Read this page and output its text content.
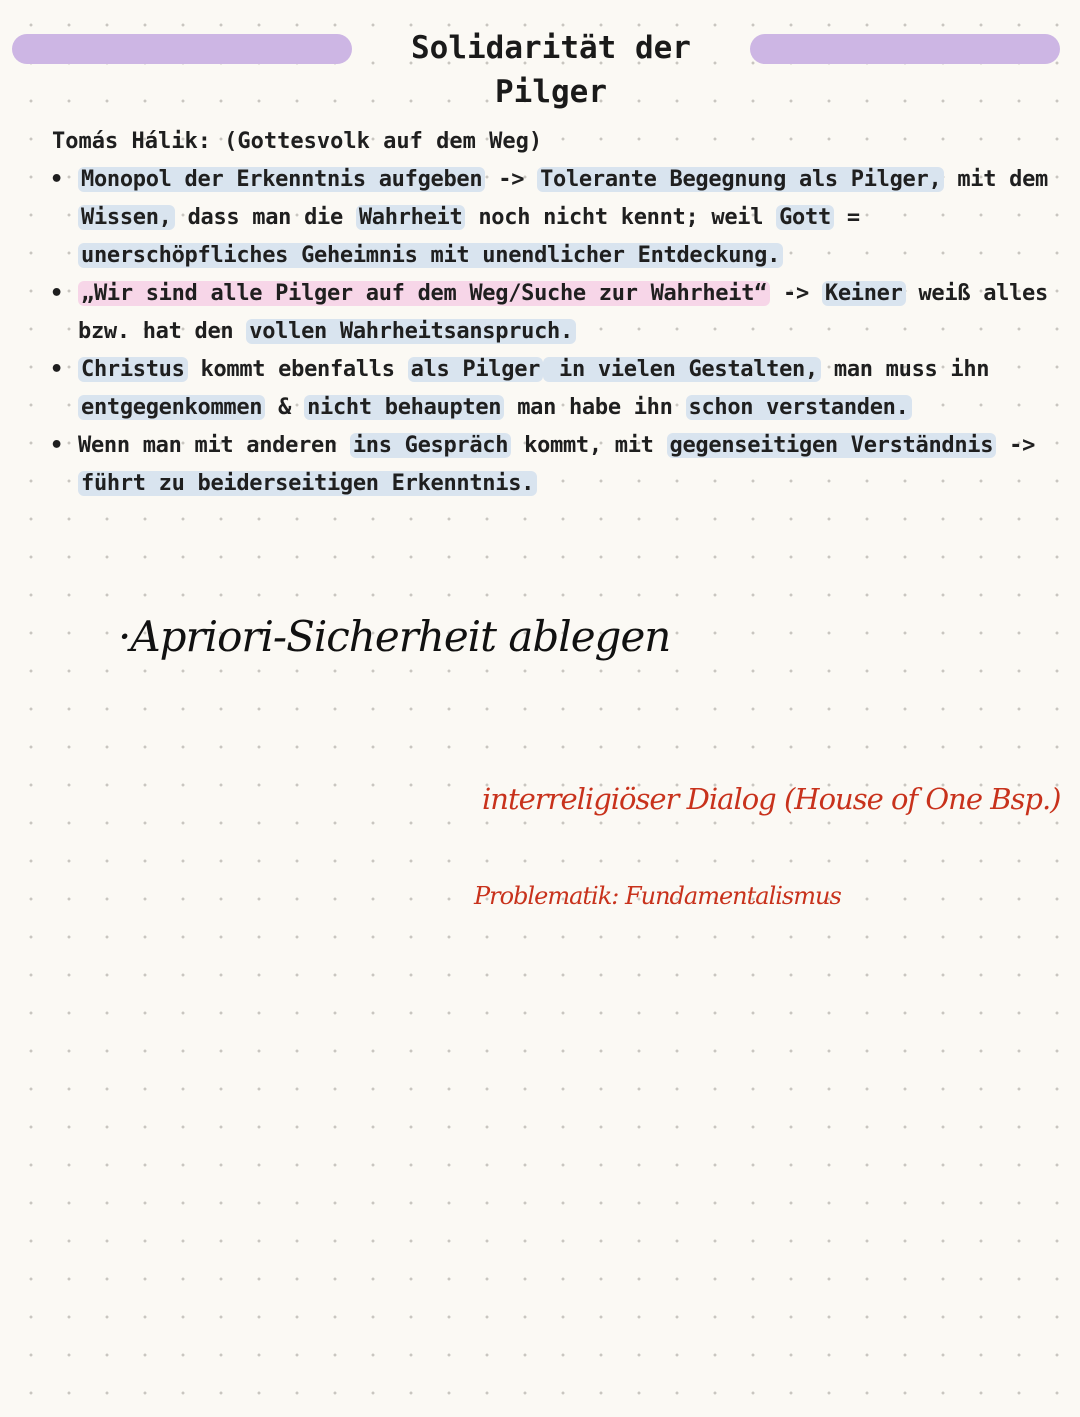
Solidarität der Pilger
Tomás Hálik: (Gottesvolk auf dem Weg)
• Monopol der Erkenntnis aufgeben -> Tolerante Begegnung als Pilger, mit dem Wissen, dass man die Wahrheit noch nicht kennt; weil Gott = unerschöpfliches Geheimnis mit unendlicher Entdeckung.
• „Wir sind alle Pilger auf dem Weg/Suche zur Wahrheit“ -> Keiner weiß alles bzw. hat den vollen Wahrheitsanspruch.
• Christus kommt ebenfalls als Pilger in vielen Gestalten, man muss ihn entgegenkommen & nicht behaupten man habe ihn schon verstanden.
• Wenn man mit anderen ins Gespräch kommt, mit gegenseitigen Verständnis -> führt zu beiderseitigen Erkenntnis.
·Apriori-Sicherheit ablegen
interreligiöser Dialog (House of One Bsp.)
Problematik: Fundamentalismus
